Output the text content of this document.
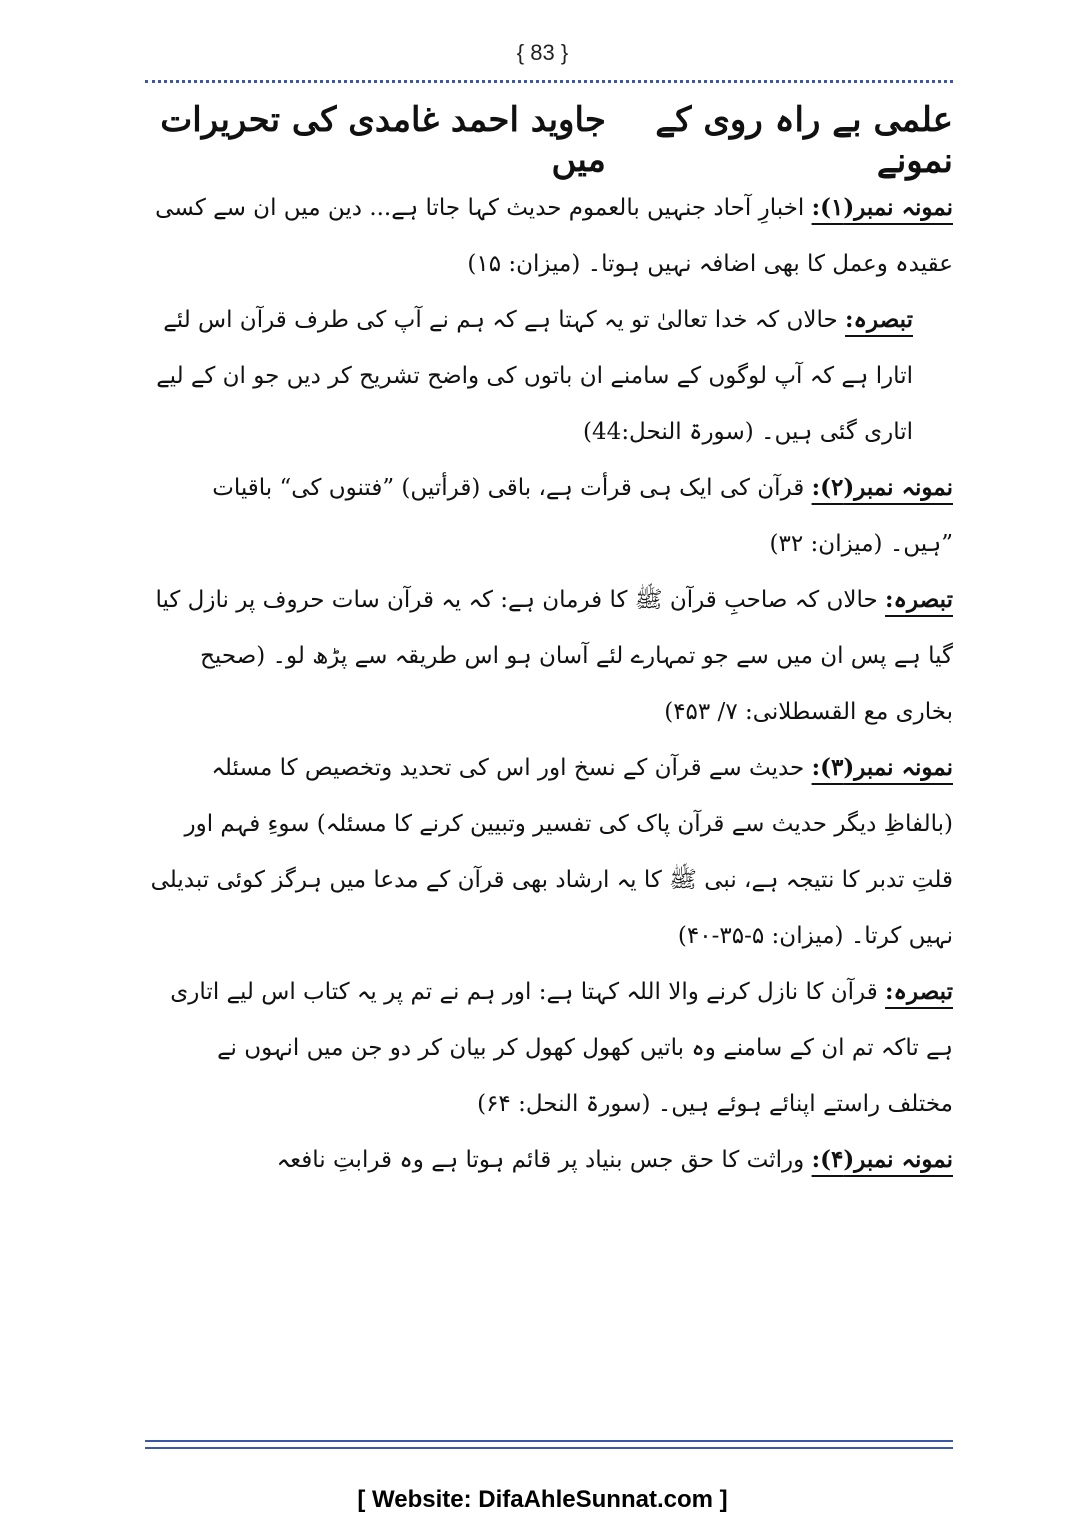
{ 83 }
علمی بے راہ روی کے نمونے
جاوید احمد غامدی کی تحریرات میں

نمونہ نمبر(۱): اخبارِ آحاد جنہیں بالعموم حدیث کہا جاتا ہے... دین میں ان سے کسی عقیدہ وعمل کا بھی اضافہ نہیں ہوتا۔ (میزان: ۱۵)

تبصرہ: حالاں کہ خدا تعالیٰ تو یہ کہتا ہے کہ ہم نے آپ کی طرف قرآن اس لئے اتارا ہے کہ آپ لوگوں کے سامنے ان باتوں کی واضح تشریح کر دیں جو ان کے لیے اتاری گئی ہیں۔ (سورۃ النحل:44)

نمونہ نمبر(۲): قرآن کی ایک ہی قرأت ہے، باقی (قرأتیں) ”فتنوں کی“ باقیات ”ہیں۔ (میزان: ۳۲)

تبصرہ: حالاں کہ صاحبِ قرآن ﷺ کا فرمان ہے: کہ یہ قرآن سات حروف پر نازل کیا گیا ہے پس ان میں سے جو تمہارے لئے آسان ہو اس طریقہ سے پڑھ لو۔ (صحیح بخاری مع القسطلانی: ۷/ ۴۵۳)

نمونہ نمبر(۳): حدیث سے قرآن کے نسخ اور اس کی تحدید وتخصیص کا مسئلہ (بالفاظِ دیگر حدیث سے قرآن پاک کی تفسیر وتبیین کرنے کا مسئلہ) سوءِ فہم اور قلتِ تدبر کا نتیجہ ہے، نبی ﷺ کا یہ ارشاد بھی قرآن کے مدعا میں ہرگز کوئی تبدیلی نہیں کرتا۔ (میزان: ۵-۳۵-۴۰)

تبصرہ: قرآن کا نازل کرنے والا اللہ کہتا ہے: اور ہم نے تم پر یہ کتاب اس لیے اتاری ہے تاکہ تم ان کے سامنے وہ باتیں کھول کھول کر بیان کر دو جن میں انہوں نے مختلف راستے اپنائے ہوئے ہیں۔ (سورۃ النحل: ۶۴)

نمونہ نمبر(۴): وراثت کا حق جس بنیاد پر قائم ہوتا ہے وہ قرابتِ نافعہ

[ Website: DifaAhleSunnat.com ]
